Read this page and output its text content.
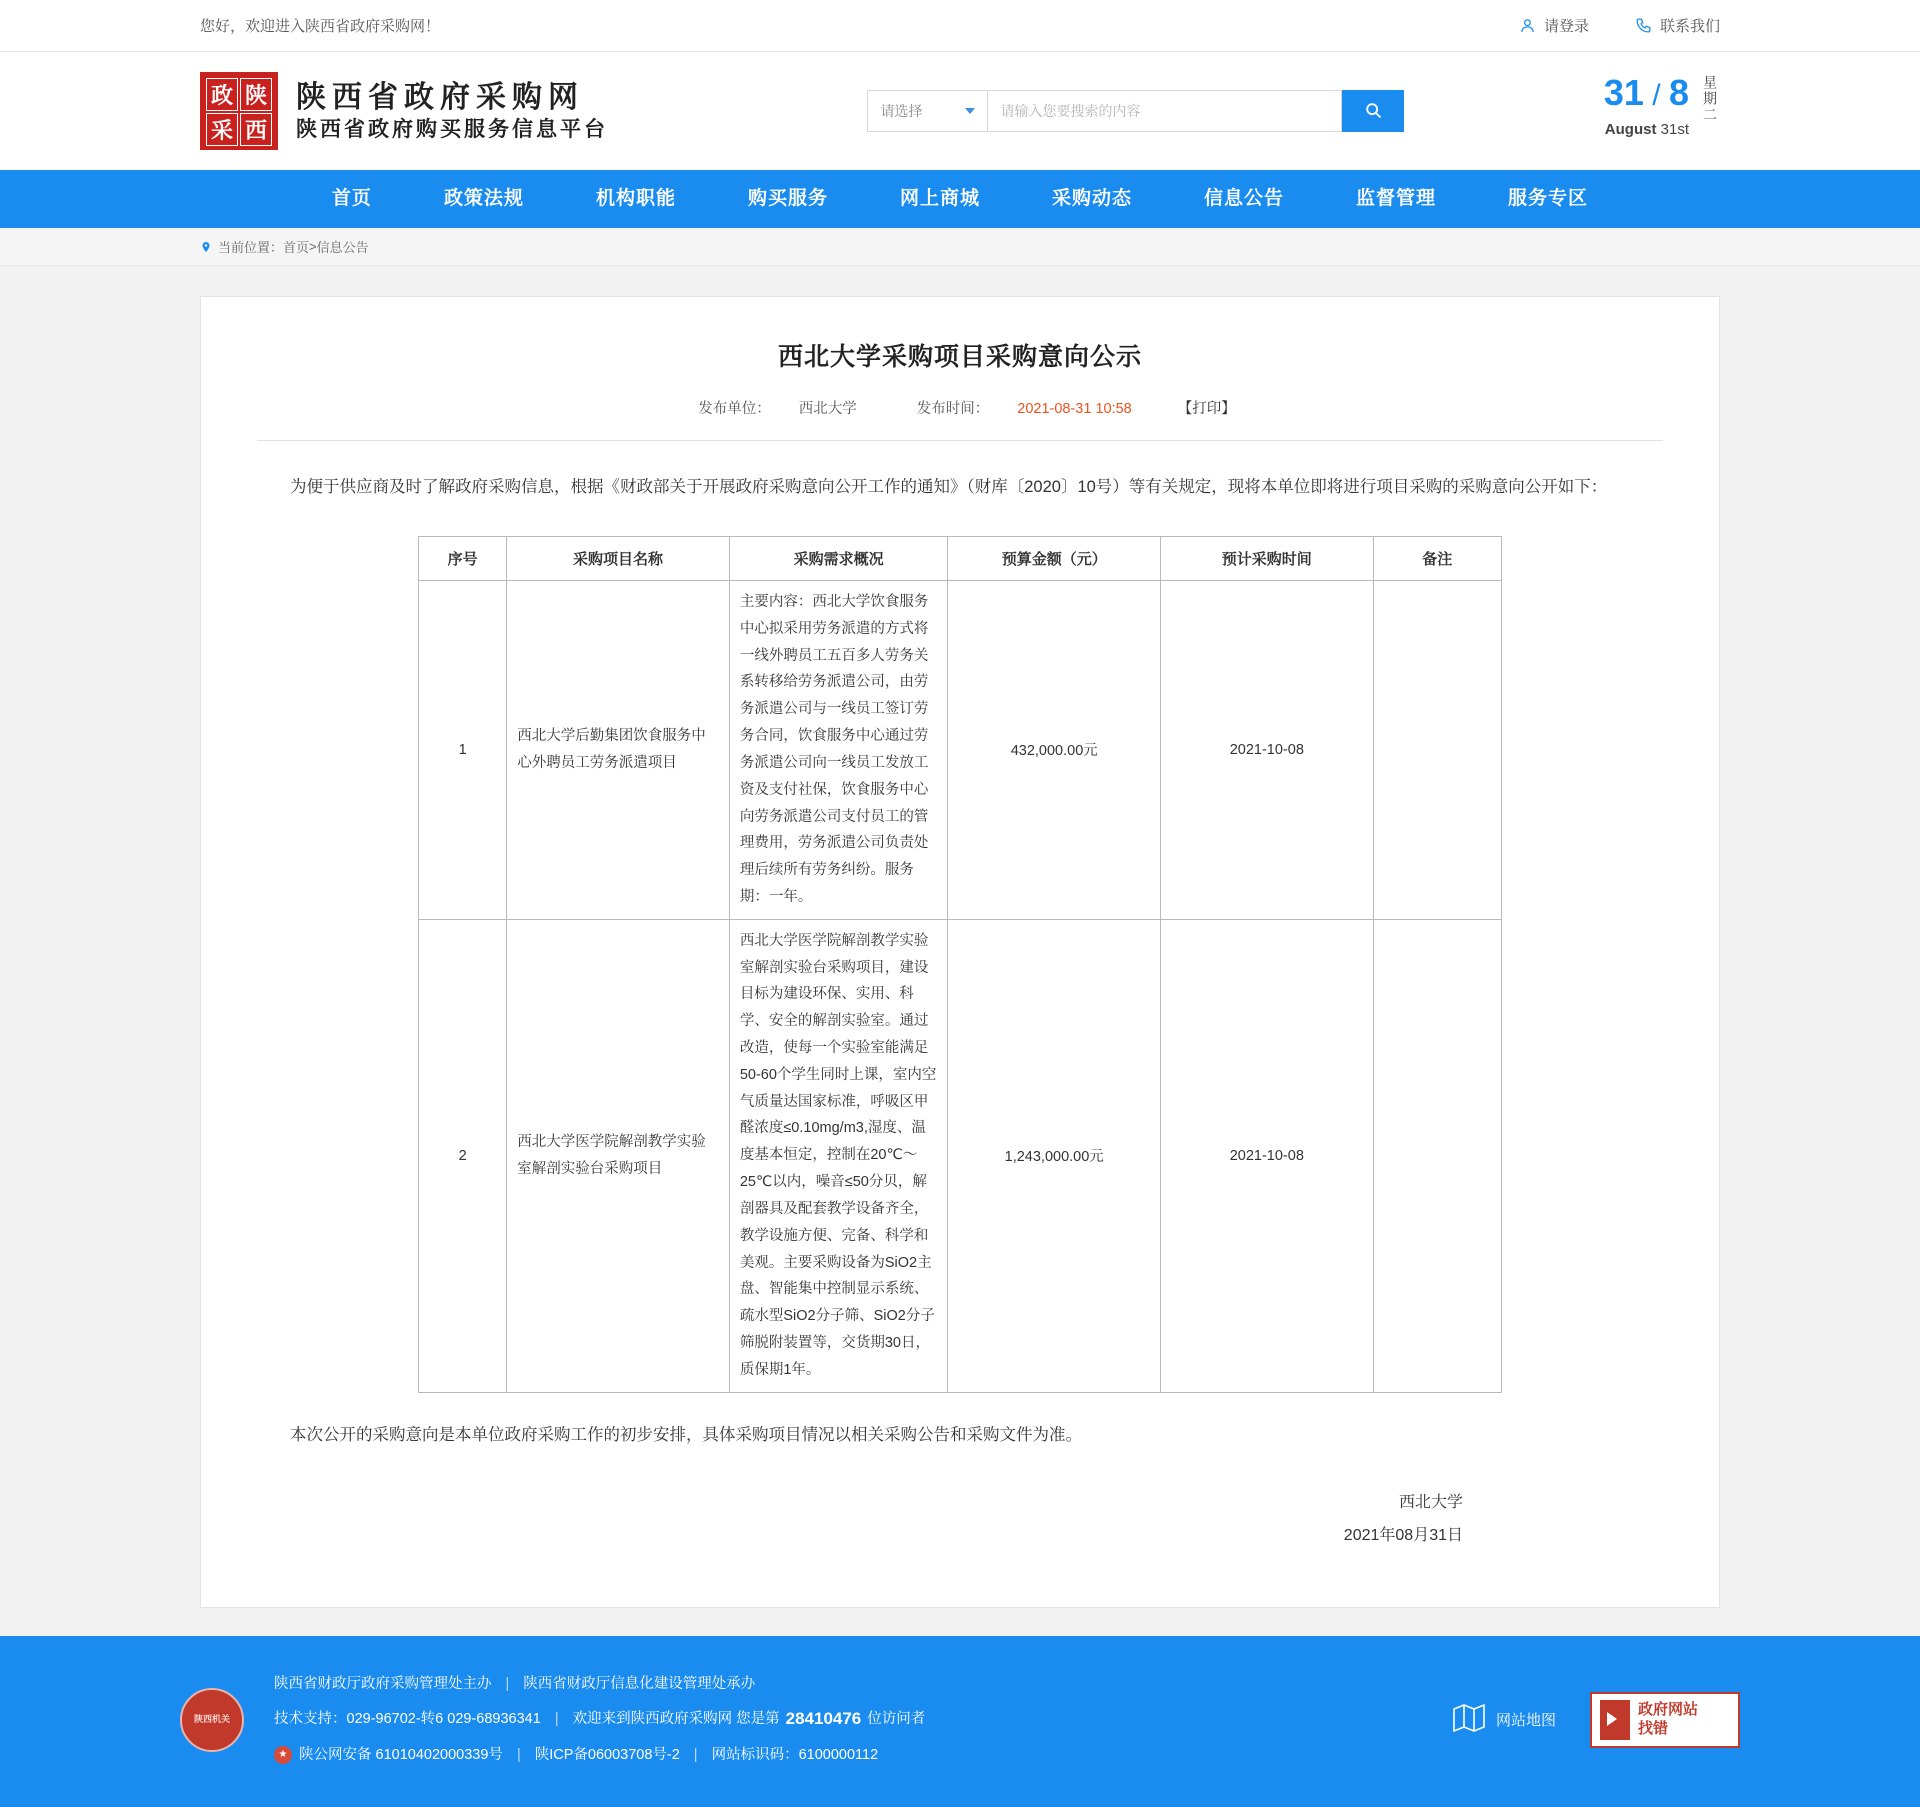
您好，欢迎进入陕西省政府采购网！	请登录	联系我们
政 陕
采 西
陕西省政府采购网
陕西省政府购买服务信息平台
请选择
请输入您要搜索的内容	31 / 8
August 31st
星期二
首页	政策法规	机构职能	购买服务	网上商城	采购动态	信息公告	监督管理	服务专区
当前位置： 首页 > 信息公告
西北大学采购项目采购意向公示
发布单位： 西北大学	发布时间： 2021-08-31 10:58	【打印】

为便于供应商及时了解政府采购信息，根据《财政部关于开展政府采购意向公开工作的通知》（财库〔2020〕10号）等有关规定，现将本单位即将进行项目采购的采购意向公开如下：

序号	采购项目名称	采购需求概况	预算金额（元）	预计采购时间	备注
1	西北大学后勤集团饮食服务中心外聘员工劳务派遣项目	主要内容：西北大学饮食服务中心拟采用劳务派遣的方式将一线外聘员工五百多人劳务关系转移给劳务派遣公司，由劳务派遣公司与一线员工签订劳务合同，饮食服务中心通过劳务派遣公司向一线员工发放工资及支付社保，饮食服务中心向劳务派遣公司支付员工的管理费用，劳务派遣公司负责处理后续所有劳务纠纷。服务期：一年。	432,000.00元	2021-10-08	
2	西北大学医学院解剖教学实验室解剖实验台采购项目	西北大学医学院解剖教学实验室解剖实验台采购项目，建设目标为建设环保、实用、科学、安全的解剖实验室。通过改造，使每一个实验室能满足50-60个学生同时上课，室内空气质量达国家标准，呼吸区甲醛浓度≤0.10mg/m3,湿度、温度基本恒定，控制在20℃～25℃以内，噪音≤50分贝，解剖器具及配套教学设备齐全，教学设施方便、完备、科学和美观。主要采购设备为SiO2主盘、智能集中控制显示系统、疏水型SiO2分子筛、SiO2分子筛脱附装置等，交货期30日，质保期1年。	1,243,000.00元	2021-10-08	

本次公开的采购意向是本单位政府采购工作的初步安排，具体采购项目情况以相关采购公告和采购文件为准。

西北大学
2021年08月31日
陕西机关
陕西省财政厅政府采购管理处主办 | 陕西省财政厅信息化建设管理处承办
技术支持： 029-96702-转6 029-68936341 | 欢迎来到陕西政府采购网 您是第 28410476 位访问者
★ 陕公网安备 61010402000339号 | 陕ICP备06003708号-2 | 网站标识码：6100000112
网站地图
政府网站
找错
